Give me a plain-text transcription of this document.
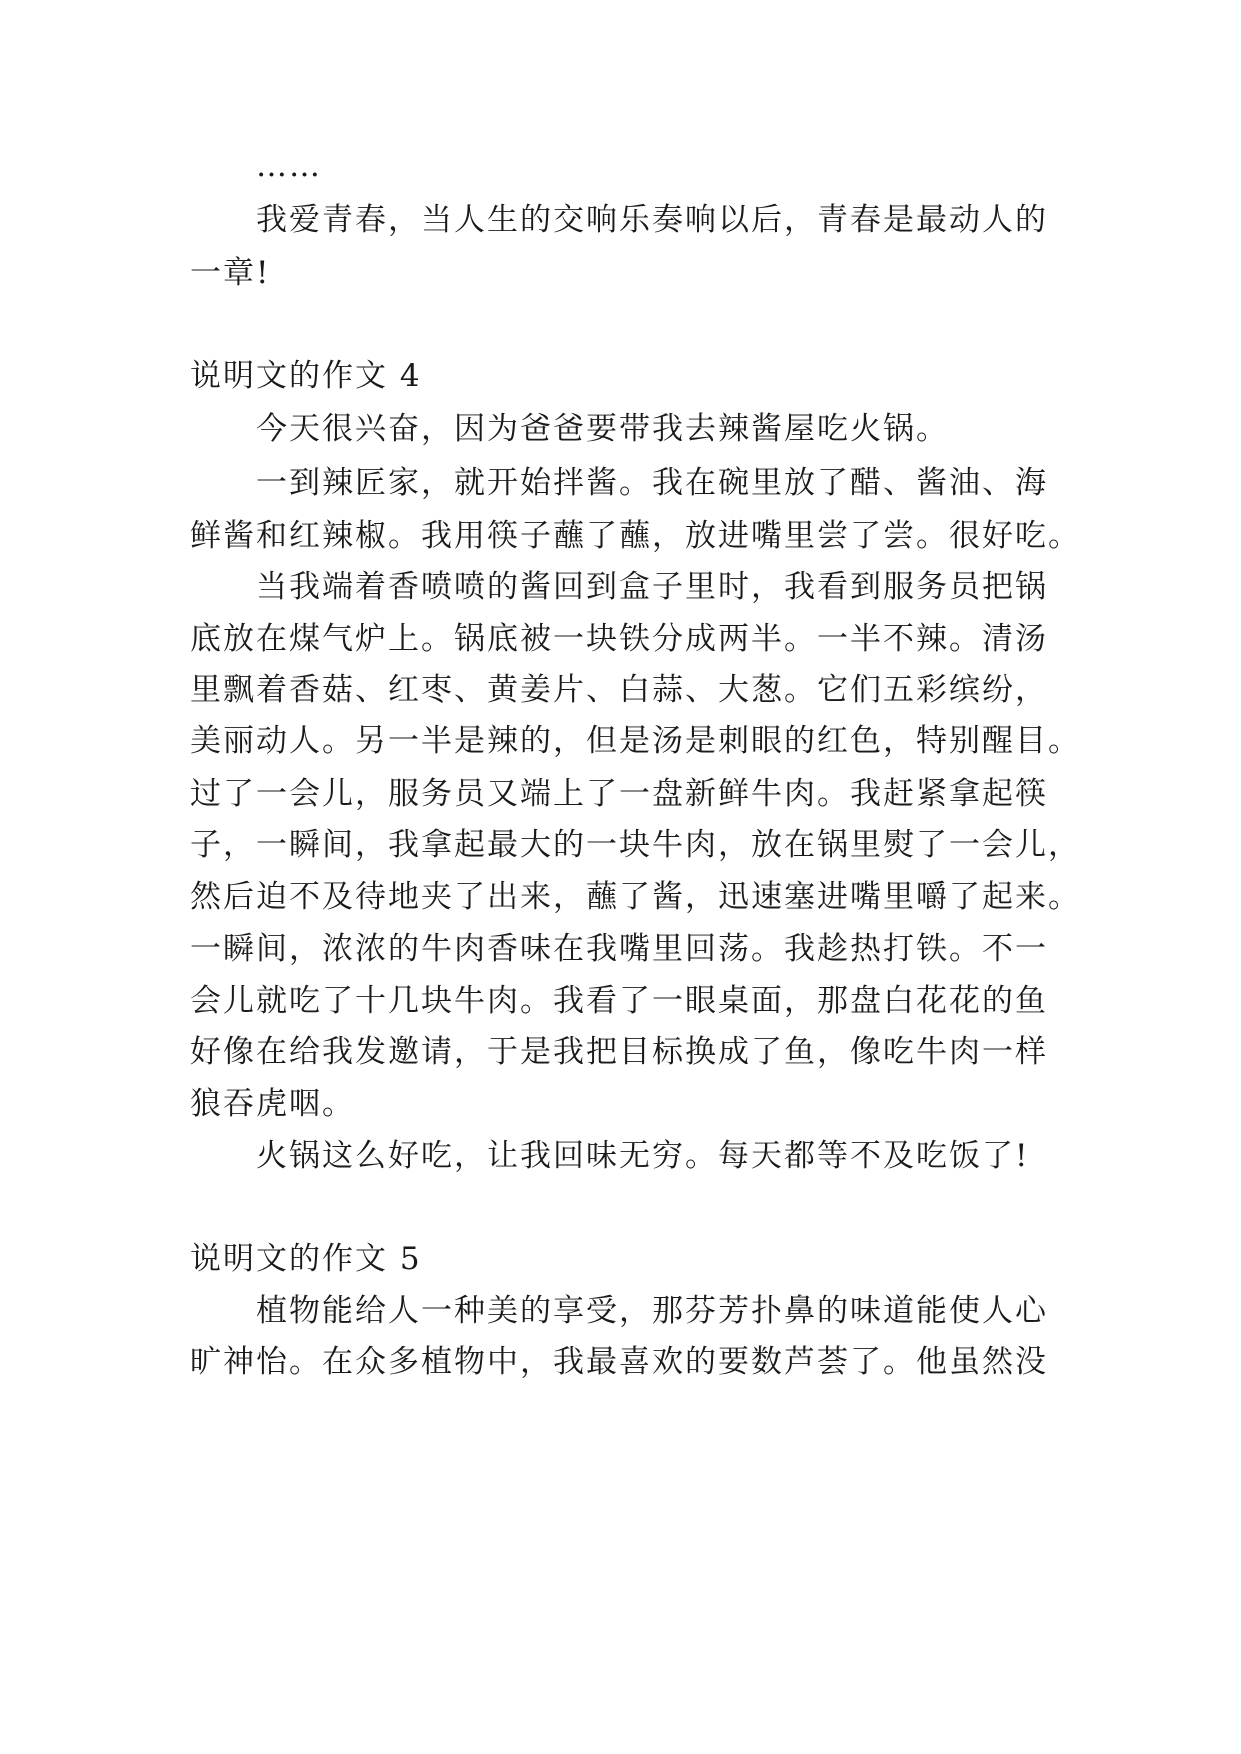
……
我爱青春，当人生的交响乐奏响以后，青春是最动人的
一章!
说明文的作文 4
今天很兴奋，因为爸爸要带我去辣酱屋吃火锅。
一到辣匠家，就开始拌酱。我在碗里放了醋、酱油、海
鲜酱和红辣椒。我用筷子蘸了蘸，放进嘴里尝了尝。很好吃。
当我端着香喷喷的酱回到盒子里时，我看到服务员把锅
底放在煤气炉上。锅底被一块铁分成两半。一半不辣。清汤
里飘着香菇、红枣、黄姜片、白蒜、大葱。它们五彩缤纷，
美丽动人。另一半是辣的，但是汤是刺眼的红色，特别醒目。
过了一会儿，服务员又端上了一盘新鲜牛肉。我赶紧拿起筷
子，一瞬间，我拿起最大的一块牛肉，放在锅里熨了一会儿，
然后迫不及待地夹了出来，蘸了酱，迅速塞进嘴里嚼了起来。
一瞬间，浓浓的牛肉香味在我嘴里回荡。我趁热打铁。不一
会儿就吃了十几块牛肉。我看了一眼桌面，那盘白花花的鱼
好像在给我发邀请，于是我把目标换成了鱼，像吃牛肉一样
狼吞虎咽。
火锅这么好吃，让我回味无穷。每天都等不及吃饭了!
说明文的作文 5
植物能给人一种美的享受，那芬芳扑鼻的味道能使人心
旷神怡。在众多植物中，我最喜欢的要数芦荟了。他虽然没
